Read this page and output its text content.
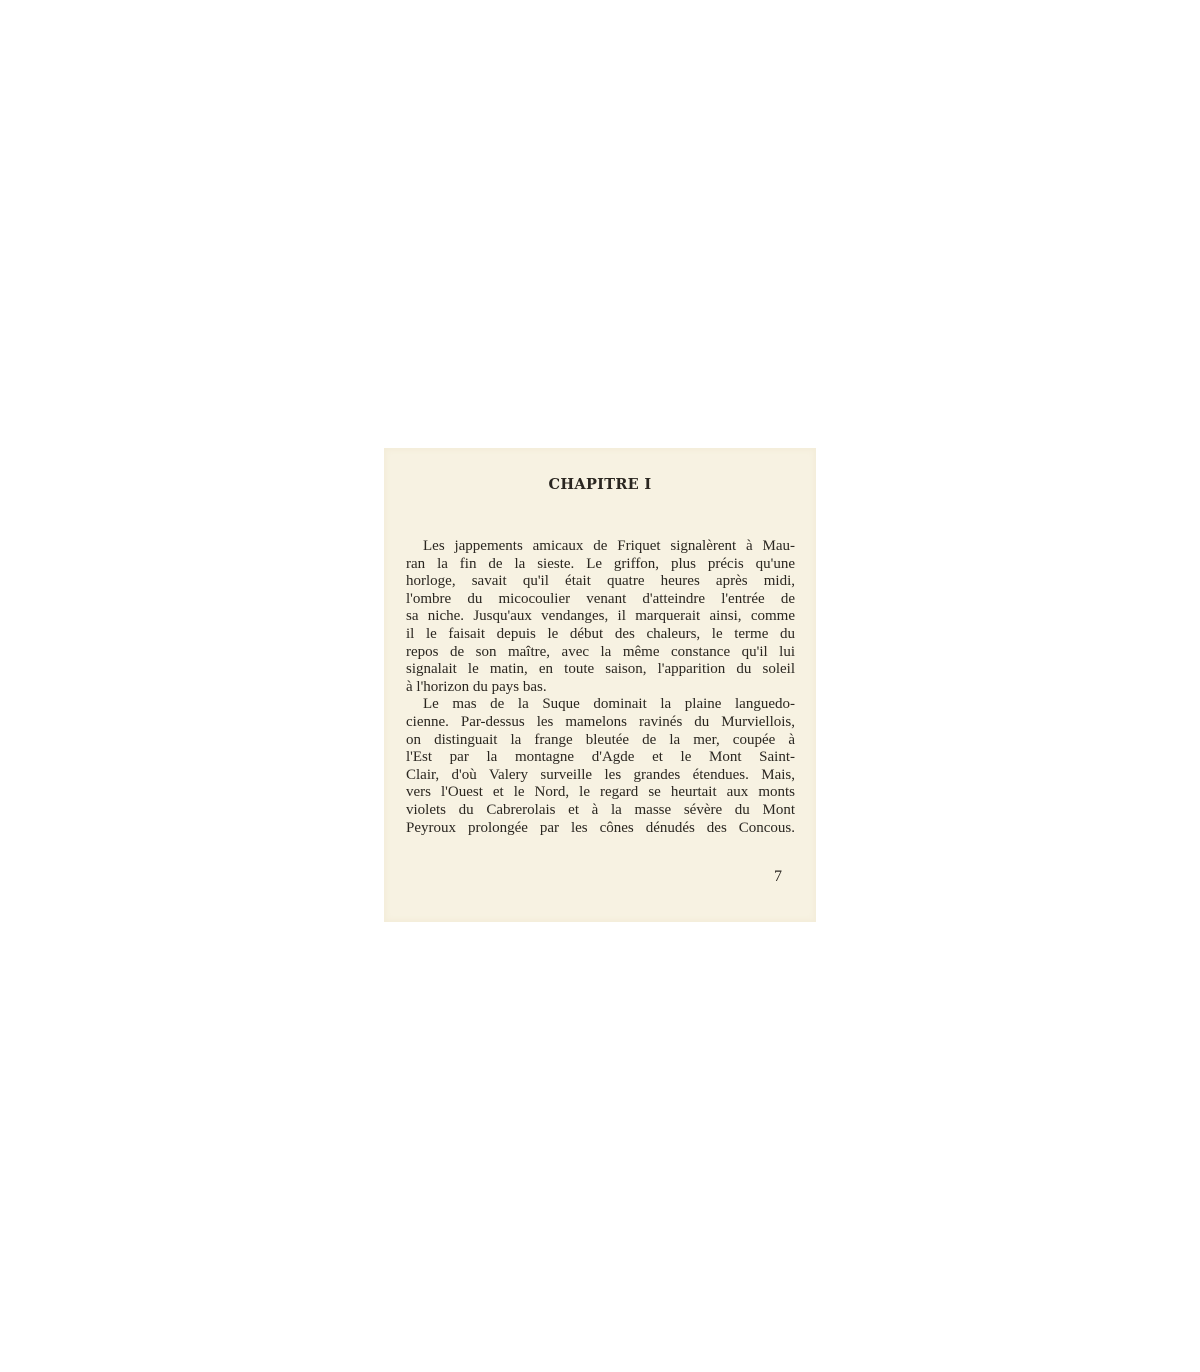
CHAPITRE I
Les jappements amicaux de Friquet signalèrent à Mau-
ran la fin de la sieste. Le griffon, plus précis qu'une
horloge, savait qu'il était quatre heures après midi,
l'ombre du micocoulier venant d'atteindre l'entrée de
sa niche. Jusqu'aux vendanges, il marquerait ainsi, comme
il le faisait depuis le début des chaleurs, le terme du
repos de son maître, avec la même constance qu'il lui
signalait le matin, en toute saison, l'apparition du soleil
à l'horizon du pays bas.
Le mas de la Suque dominait la plaine languedo-
cienne. Par-dessus les mamelons ravinés du Murviellois,
on distinguait la frange bleutée de la mer, coupée à
l'Est par la montagne d'Agde et le Mont Saint-
Clair, d'où Valery surveille les grandes étendues. Mais,
vers l'Ouest et le Nord, le regard se heurtait aux monts
violets du Cabrerolais et à la masse sévère du Mont
Peyroux prolongée par les cônes dénudés des Concous.

7
